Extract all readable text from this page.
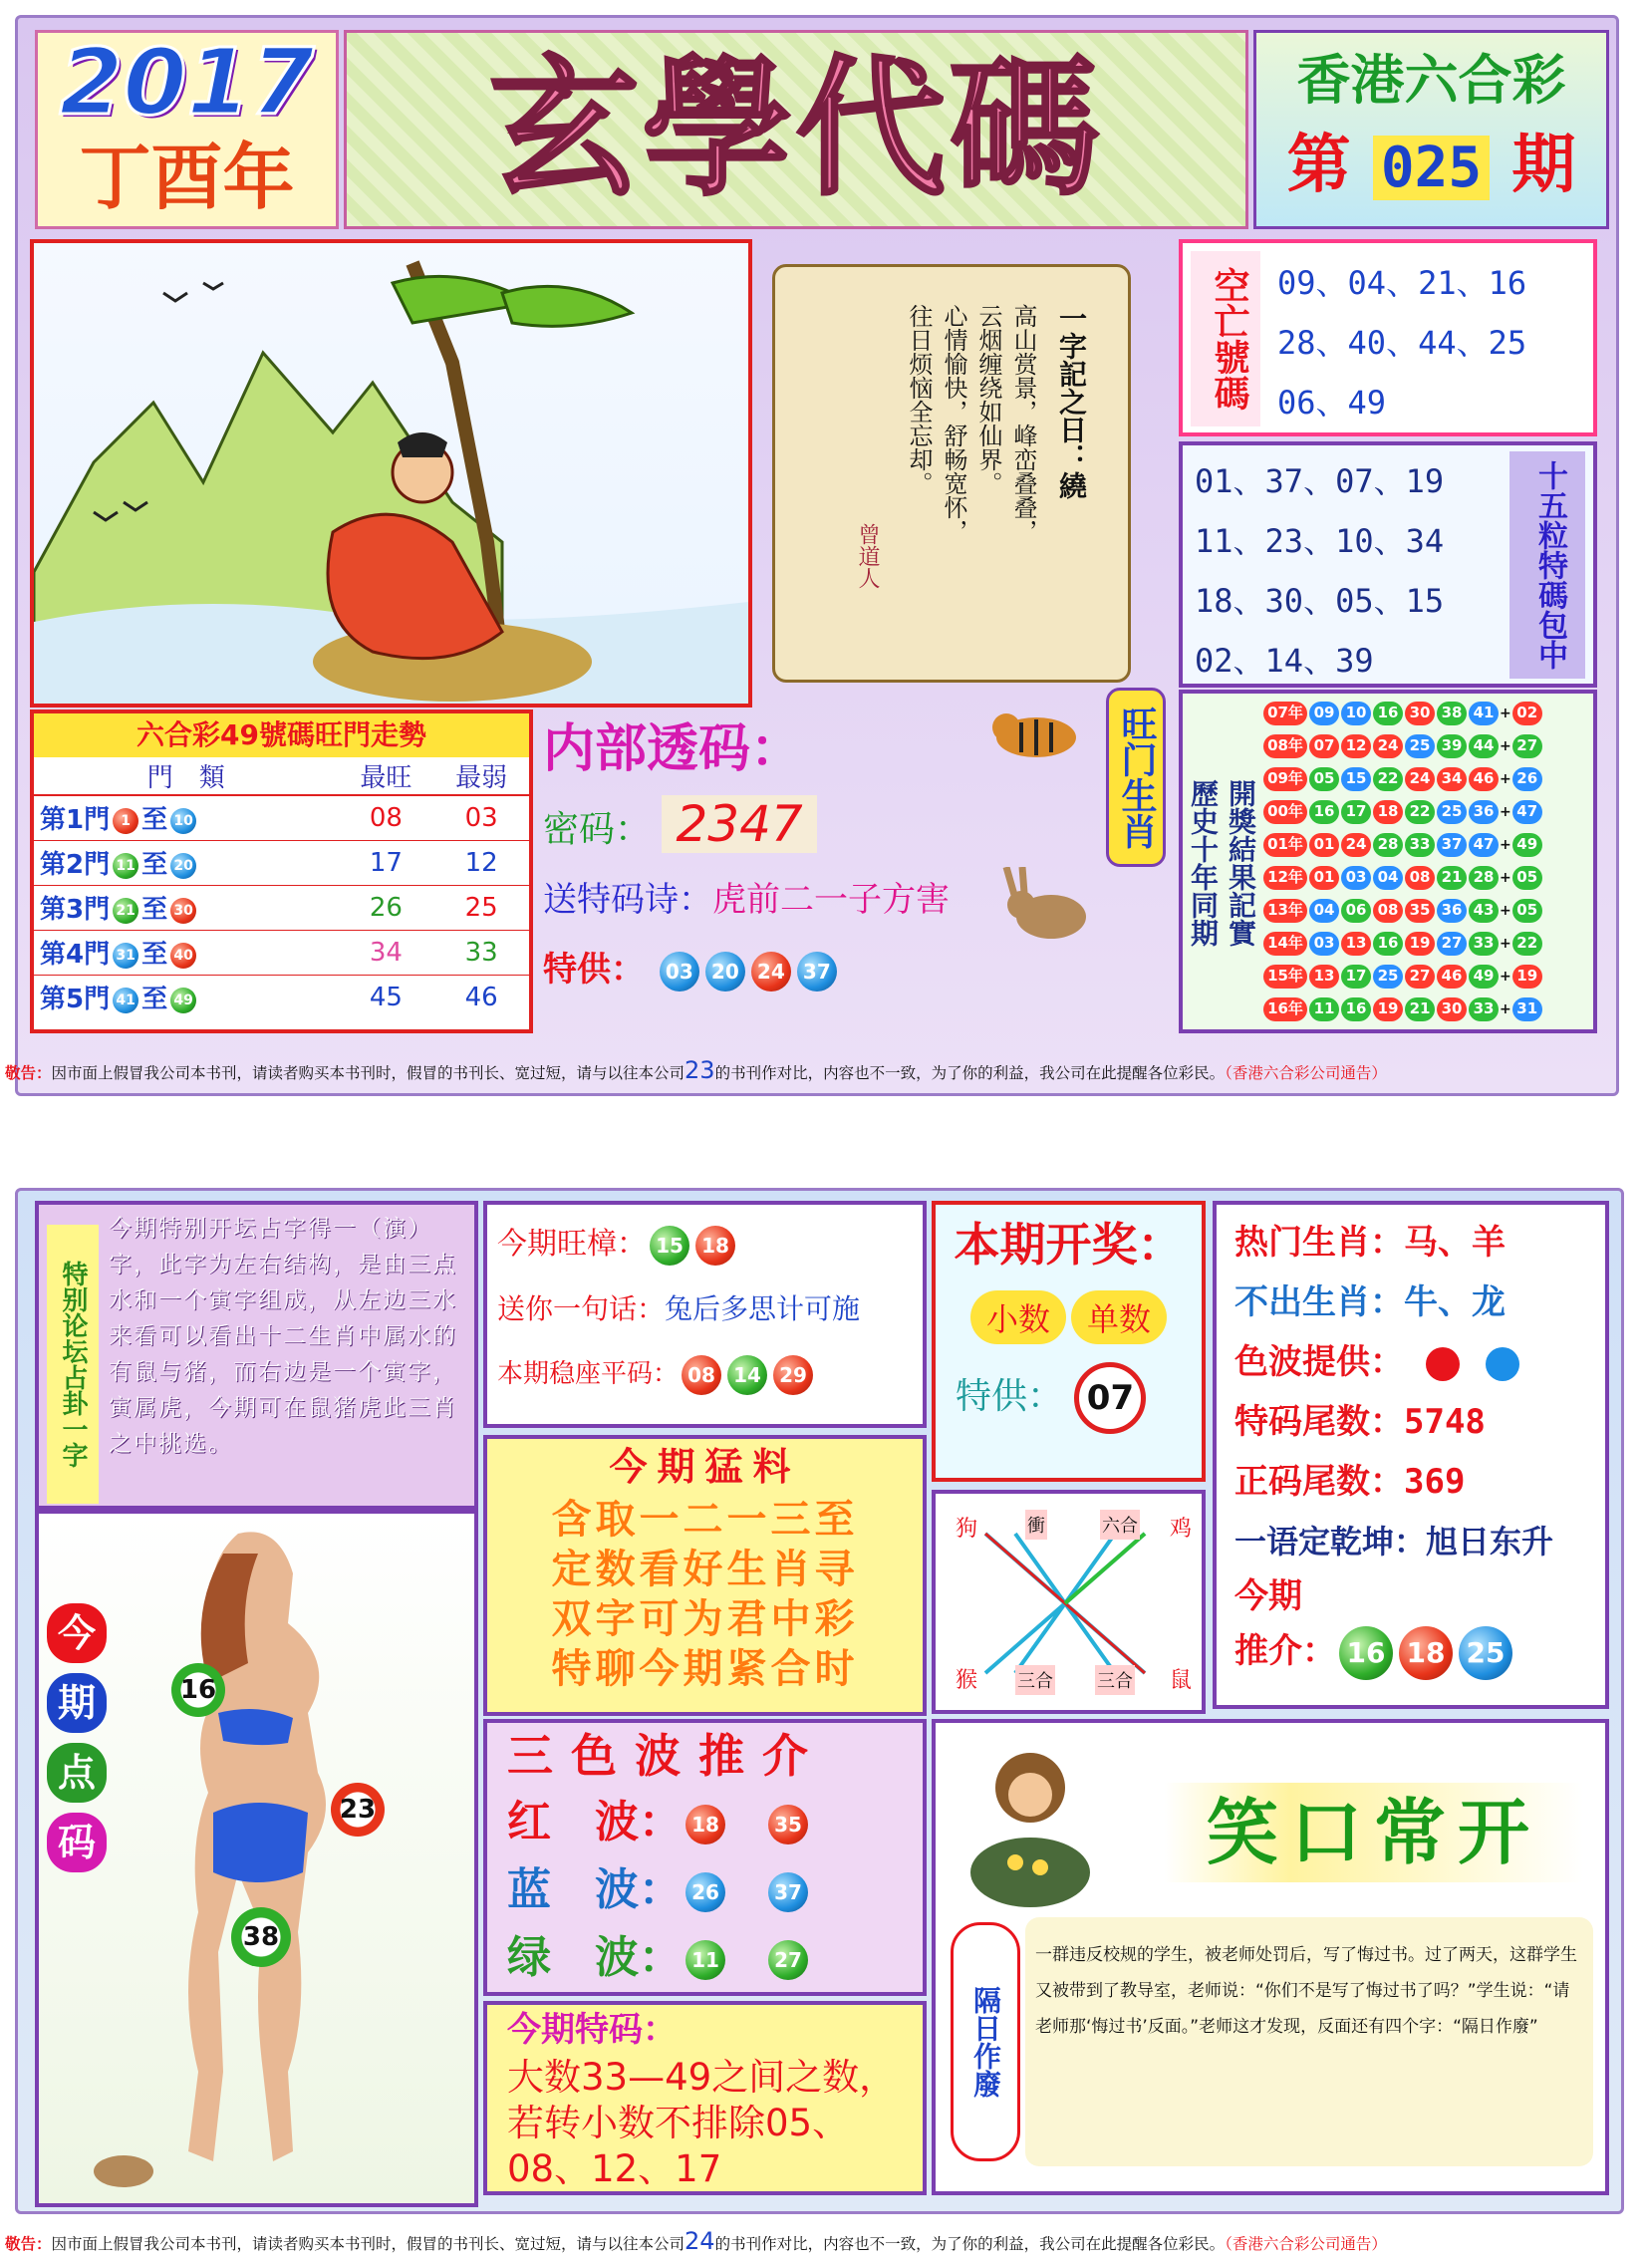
2017
丁酉年 玄學代碼	香港六合彩
第 025 期
一字記之日：繞
高山赏景，峰峦叠叠，
云烟缠绕如仙界。
心情愉快，舒畅宽怀，
往日烦恼全忘却。
曾道人
空亡號碼 09、04、21、16
28、40、44、25
06、49
01、37、07、19
11、23、10、34
18、30、05、15
02、14、39	十五粒特碼包中
六合彩49號碼旺門走勢
門　類	最旺	最弱
第1門 1 至 10	08	03
第2門 11 至 20	17	12
第3門 21 至 30	26	25
第4門 31 至 40	34	33
第5門 41 至 49	45	46
内部透码：
密码： 2347
送特码诗：虎前二一子方害
特供： 03 20 24 37
旺门生肖
歷史十年同期 開獎結果記實
07年 09 10 16 30 38 41 + 02
08年 07 12 24 25 39 44 + 27
09年 05 15 22 24 34 46 + 26
00年 16 17 18 22 25 36 + 47
01年 01 24 28 33 37 47 + 49
12年 01 03 04 08 21 28 + 05
13年 04 06 08 35 36 43 + 05
14年 03 13 16 19 27 33 + 22
15年 13 17 25 27 46 49 + 19
16年 11 16 19 21 30 33 + 31
敬告：因市面上假冒我公司本书刊，请读者购买本书刊时，假冒的书刊长、宽过短，请与以往本公司23的书刊作对比，内容也不一致，为了你的利益，我公司在此提醒各位彩民。（香港六合彩公司通告）
特别论坛占卦一字
今期特别开坛占字得一（演）字，此字为左右结构，是由三点水和一个寅字组成，从左边三水来看可以看出十二生肖中属水的有鼠与猪，而右边是一个寅字，寅属虎，今期可在鼠猪虎此三肖之中挑选。
今期旺樟： 15 18
送你一句话：兔后多思计可施
本期稳座平码： 08 14 29
本期开奖：
小数 单数
特供： 07
热门生肖：马、羊
不出生肖：牛、龙
色波提供：
特码尾数：5748
正码尾数：369
一语定乾坤：旭日东升
今期
推介： 16 18 25
今期猛料
含取一二一三至
定数看好生肖寻
双字可为君中彩
特聊今期紧合时
狗	衝	六合 鸡
猴 三合 三合 鼠
今
期
点
码
16
23
38
三色波推介
红　波： 18	35
蓝　波： 26	37
绿　波： 11	27
笑口常开
隔日作廢
一群违反校规的学生，被老师处罚后，写了悔过书。过了两天，这群学生又被带到了教导室，老师说：“你们不是写了悔过书了吗？”学生说：“请老师那‘悔过书’反面。”老师这才发现，反面还有四个字：“隔日作廢”
今期特码：
大数33—49之间之数，若转小数不排除05、08、12、17
敬告：因市面上假冒我公司本书刊，请读者购买本书刊时，假冒的书刊长、宽过短，请与以往本公司24的书刊作对比，内容也不一致，为了你的利益，我公司在此提醒各位彩民。（香港六合彩公司通告）
